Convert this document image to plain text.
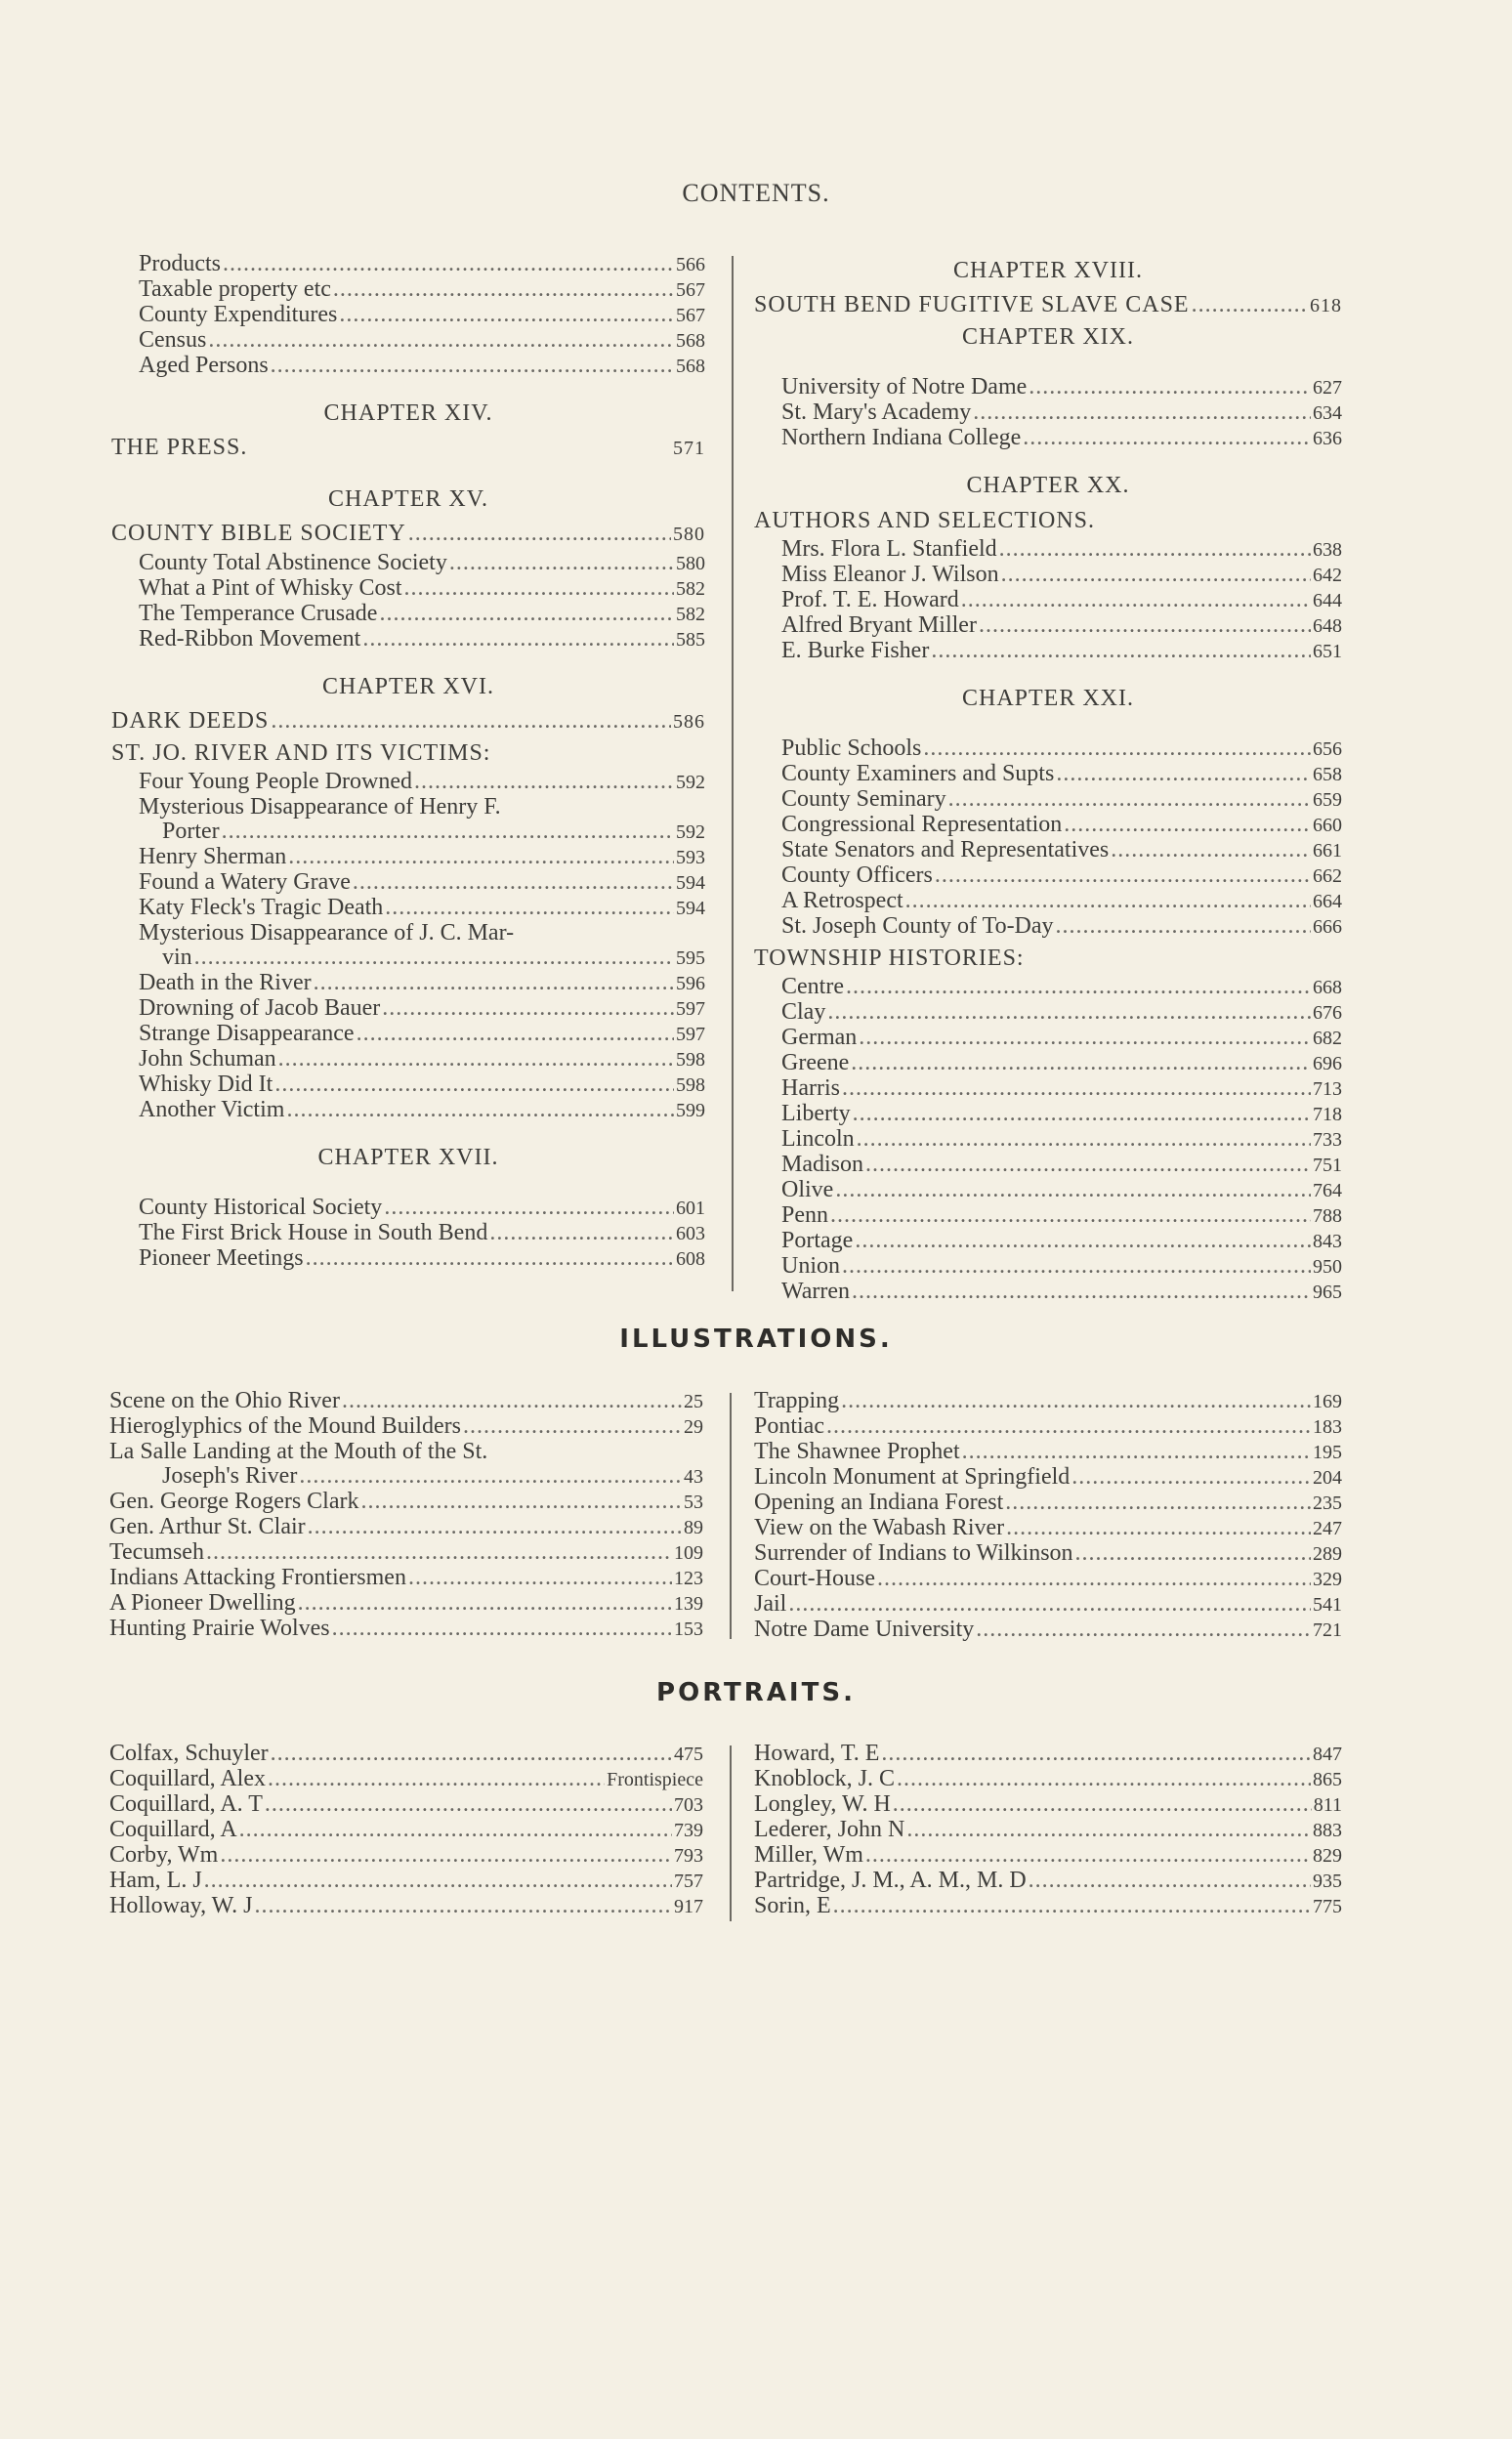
CONTENTS.
Products .....	566
Taxable property etc .....	567
County Expenditures .....	567
Census .....	568
Aged Persons .....	568
CHAPTER XIV.
THE PRESS.	571
CHAPTER XV.
COUNTY BIBLE SOCIETY .....	580
County Total Abstinence Society .....	580
What a Pint of Whisky Cost .....	582
The Temperance Crusade .....	582
Red-Ribbon Movement .....	585
CHAPTER XVI.
DARK DEEDS .....	586
ST. JO. RIVER AND ITS VICTIMS:
Four Young People Drowned .....	592
Mysterious Disappearance of Henry F.
Porter .....	592
Henry Sherman .....	593
Found a Watery Grave .....	594
Katy Fleck's Tragic Death .....	594
Mysterious Disappearance of J. C. Mar-
vin .....	595
Death in the River .....	596
Drowning of Jacob Bauer .....	597
Strange Disappearance .....	597
John Schuman .....	598
Whisky Did It .....	598
Another Victim .....	599
CHAPTER XVII.
County Historical Society .....	601
The First Brick House in South Bend .....	603
Pioneer Meetings .....	608
CHAPTER XVIII.
SOUTH BEND FUGITIVE SLAVE CASE .....	618
CHAPTER XIX.
University of Notre Dame .....	627
St. Mary's Academy .....	634
Northern Indiana College .....	636
CHAPTER XX.
AUTHORS AND SELECTIONS.
Mrs. Flora L. Stanfield .....	638
Miss Eleanor J. Wilson .....	642
Prof. T. E. Howard .....	644
Alfred Bryant Miller .....	648
E. Burke Fisher .....	651
CHAPTER XXI.
Public Schools .....	656
County Examiners and Supts .....	658
County Seminary .....	659
Congressional Representation .....	660
State Senators and Representatives .....	661
County Officers .....	662
A Retrospect .....	664
St. Joseph County of To-Day .....	666
TOWNSHIP HISTORIES:
Centre .....	668
Clay .....	676
German .....	682
Greene .....	696
Harris .....	713
Liberty .....	718
Lincoln .....	733
Madison .....	751
Olive .....	764
Penn .....	788
Portage .....	843
Union .....	950
Warren .....	965
ILLUSTRATIONS.
Scene on the Ohio River .....	25
Hieroglyphics of the Mound Builders .....	29
La Salle Landing at the Mouth of the St.
Joseph's River .....	43
Gen. George Rogers Clark .....	53
Gen. Arthur St. Clair .....	89
Tecumseh .....	109
Indians Attacking Frontiersmen .....	123
A Pioneer Dwelling .....	139
Hunting Prairie Wolves .....	153
Trapping .....	169
Pontiac .....	183
The Shawnee Prophet .....	195
Lincoln Monument at Springfield .....	204
Opening an Indiana Forest .....	235
View on the Wabash River .....	247
Surrender of Indians to Wilkinson .....	289
Court-House .....	329
Jail .....	541
Notre Dame University .....	721
PORTRAITS.
Colfax, Schuyler .....	475
Coquillard, Alex .....	Frontispiece
Coquillard, A. T .....	703
Coquillard, A .....	739
Corby, Wm .....	793
Ham, L. J .....	757
Holloway, W. J .....	917
Howard, T. E .....	847
Knoblock, J. C .....	865
Longley, W. H .....	811
Lederer, John N .....	883
Miller, Wm .....	829
Partridge, J. M., A. M., M. D .....	935
Sorin, E .....	775
